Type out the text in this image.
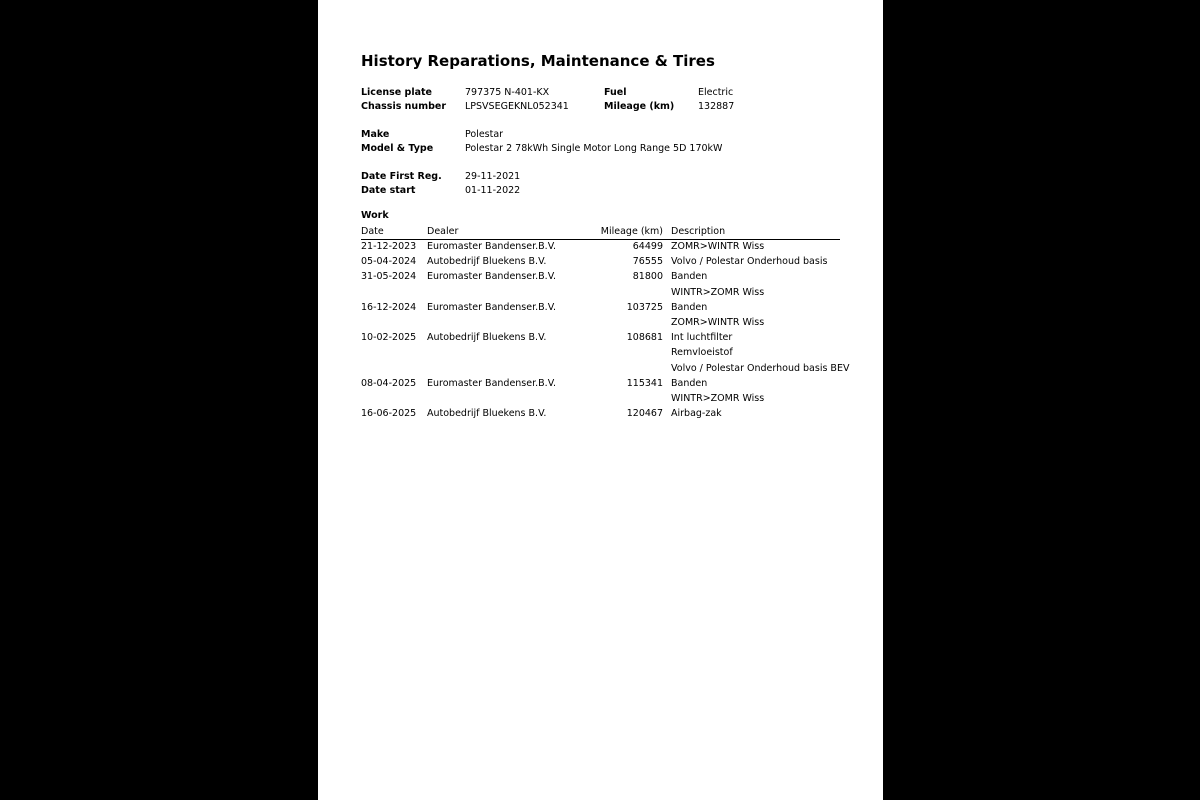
History Reparations, Maintenance & Tires
License plate	797375 N-401-KX	Fuel	Electric
Chassis number LPSVSEGEKNL052341	Mileage (km) 132887
Make	Polestar
Model & Type	Polestar 2 78kWh Single Motor Long Range 5D 170kW
Date First Reg. 29-11-2021
Date start	01-11-2022
Work
Date	Dealer	Mileage (km) Description
21-12-2023 Euromaster Bandenser.B.V.	64499 ZOMR>WINTR Wiss
05-04-2024 Autobedrijf Bluekens B.V.	76555 Volvo / Polestar Onderhoud basis
31-05-2024 Euromaster Bandenser.B.V.	81800 Banden
WINTR>ZOMR Wiss
16-12-2024 Euromaster Bandenser.B.V.	103725 Banden
ZOMR>WINTR Wiss
10-02-2025 Autobedrijf Bluekens B.V.	108681 Int luchtfilter
Remvloeistof
Volvo / Polestar Onderhoud basis BEV
08-04-2025 Euromaster Bandenser.B.V.	115341 Banden
WINTR>ZOMR Wiss
16-06-2025 Autobedrijf Bluekens B.V.	120467 Airbag-zak
